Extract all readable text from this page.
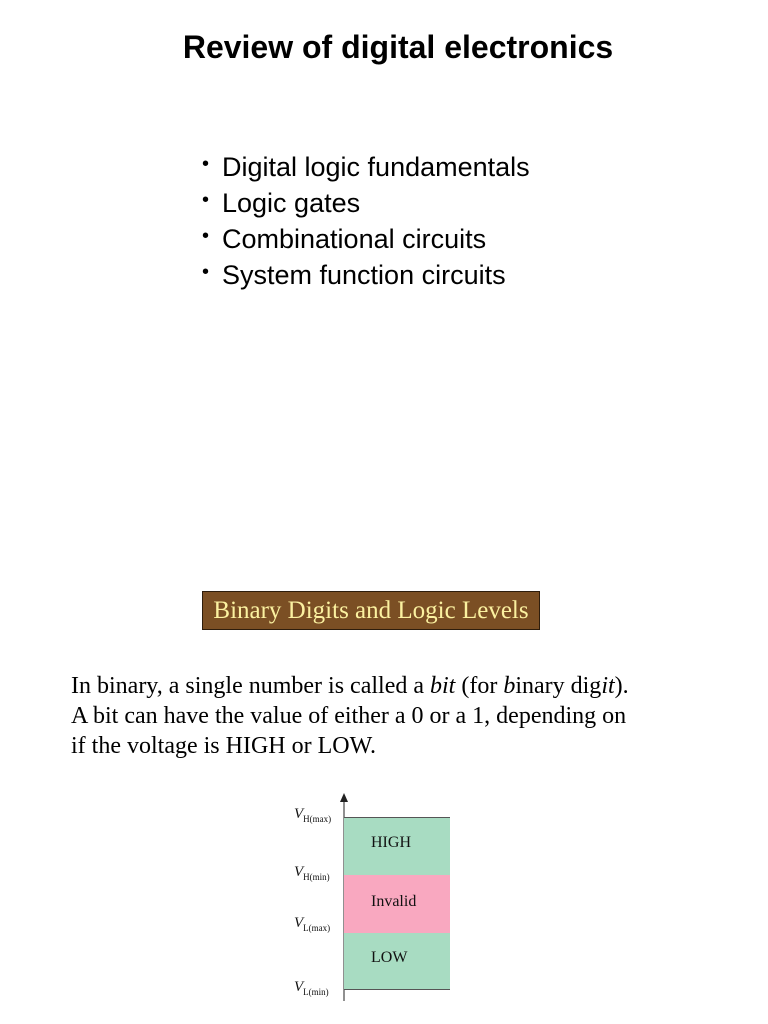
Review of digital electronics
• Digital logic fundamentals
• Logic gates
• Combinational circuits
• System function circuits
Binary Digits and Logic Levels

In binary, a single number is called a bit (for binary digit).
A bit can have the value of either a 0 or a 1, depending on
if the voltage is HIGH or LOW.

HIGH
Invalid
LOW
$V_{H(max)}$
$V_{H(min)}$
$V_{L(max)}$
$V_{L(min)}$
